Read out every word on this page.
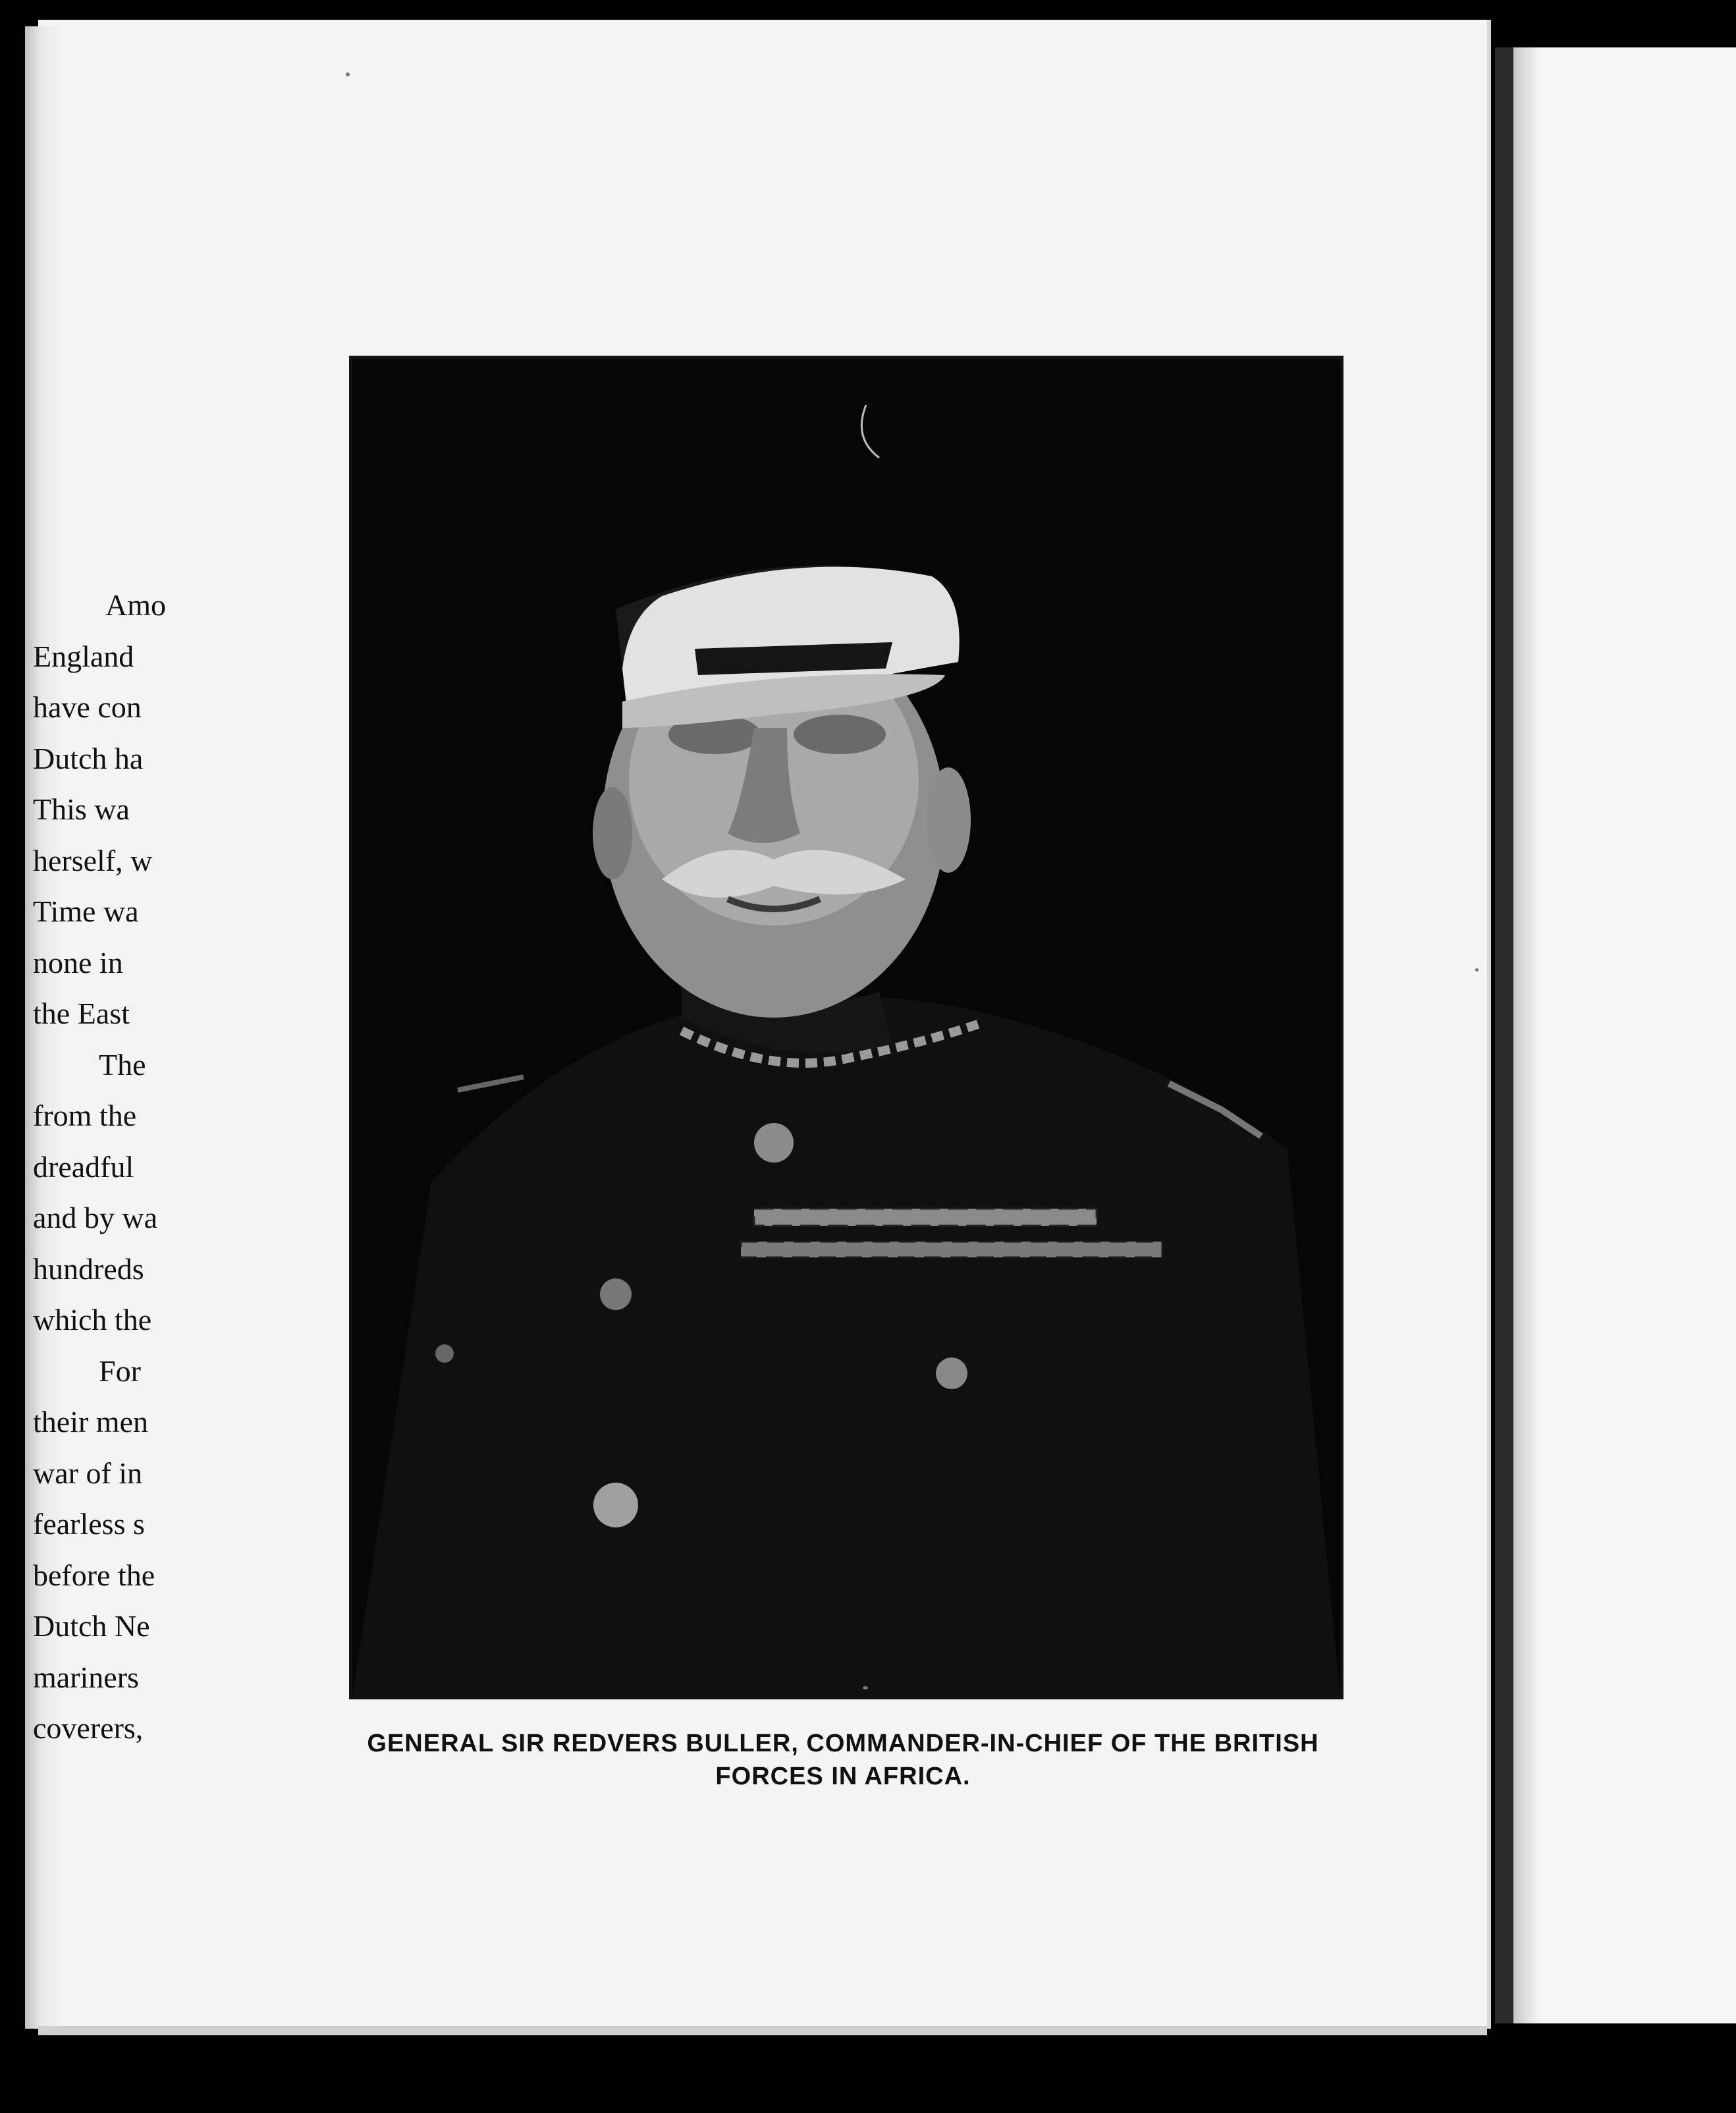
Amo
England
have con
Dutch ha
This wa
herself, w
Time wa
none in
the East
The
from the
dreadful
and by wa
hundreds
which the
For
their men
war of in
fearless s
before the
Dutch Ne
mariners
coverers,	GENERAL SIR REDVERS BULLER, COMMANDER-IN-CHIEF OF THE BRITISH
FORCES IN AFRICA.
